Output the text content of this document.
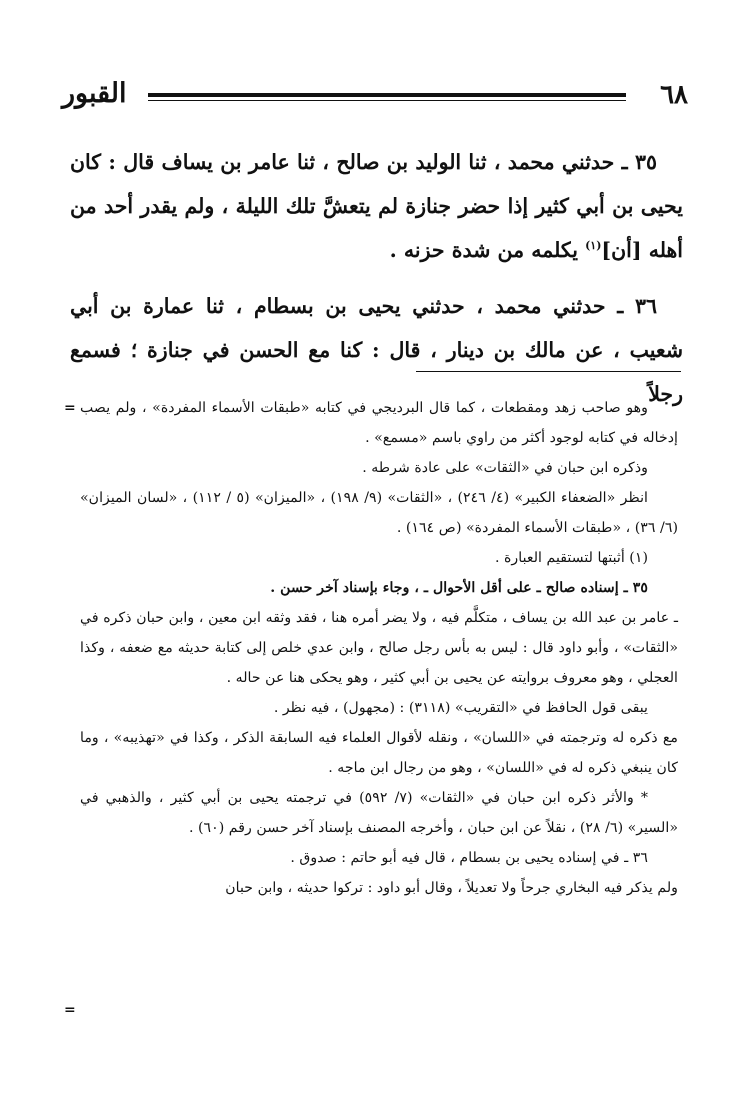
٦٨
القبور

٣٥ ـ حدثني محمد ، ثنا الوليد بن صالح ، ثنا عامر بن يساف قال : كان يحيى بن أبي كثير إذا حضر جنازة لم يتعشَّ تلك الليلة ، ولم يقدر أحد من أهله [أن]$^{(١)}$ يكلمه من شدة حزنه .

٣٦ ـ حدثني محمد ، حدثني يحيى بن بسطام ، ثنا عمارة بن أبي شعيب ، عن مالك بن دينار ، قال : كنا مع الحسن في جنازة ؛ فسمع رجلاً

= وهو صاحب زهد ومقطعات ، كما قال البرديجي في كتابه «طبقات الأسماء المفردة» ، ولم يصب إدخاله في كتابه لوجود أكثر من راوي باسم «مسمع» .

وذكره ابن حبان في «الثقات» على عادة شرطه .

انظر «الضعفاء الكبير» (٤/ ٢٤٦) ، «الثقات» (٩/ ١٩٨) ، «الميزان» (٥ / ١١٢) ، «لسان الميزان» (٦/ ٣٦) ، «طبقات الأسماء المفردة» (ص ١٦٤) .

(١) أثبتها لتستقيم العبارة .

٣٥ ـ إسناده صالح ـ على أقل الأحوال ـ ، وجاء بإسناد آخر حسن .

ـ عامر بن عبد الله بن يساف ، متكلَّم فيه ، ولا يضر أمره هنا ، فقد وثقه ابن معين ، وابن حبان ذكره في «الثقات» ، وأبو داود قال : ليس به بأس رجل صالح ، وابن عدي خلص إلى كتابة حديثه مع ضعفه ، وكذا العجلي ، وهو معروف بروايته عن يحيى بن أبي كثير ، وهو يحكى هنا عن حاله .

يبقى قول الحافظ في «التقريب» (٣١١٨) : (مجهول) ، فيه نظر .

مع ذكره له وترجمته في «اللسان» ، ونقله لأقوال العلماء فيه السابقة الذكر ، وكذا في «تهذيبه» ، وما كان ينبغي ذكره له في «اللسان» ، وهو من رجال ابن ماجه .

* والأثر ذكره ابن حبان في «الثقات» (٧/ ٥٩٢) في ترجمته يحيى بن أبي كثير ، والذهبي في «السير» (٦/ ٢٨) ، نقلاً عن ابن حبان ، وأخرجه المصنف بإسناد آخر حسن رقم (٦٠) .

٣٦ ـ في إسناده يحيى بن بسطام ، قال فيه أبو حاتم : صدوق .

ولم يذكر فيه البخاري جرحاً ولا تعديلاً ، وقال أبو داود : تركوا حديثه ، وابن حبان

=
